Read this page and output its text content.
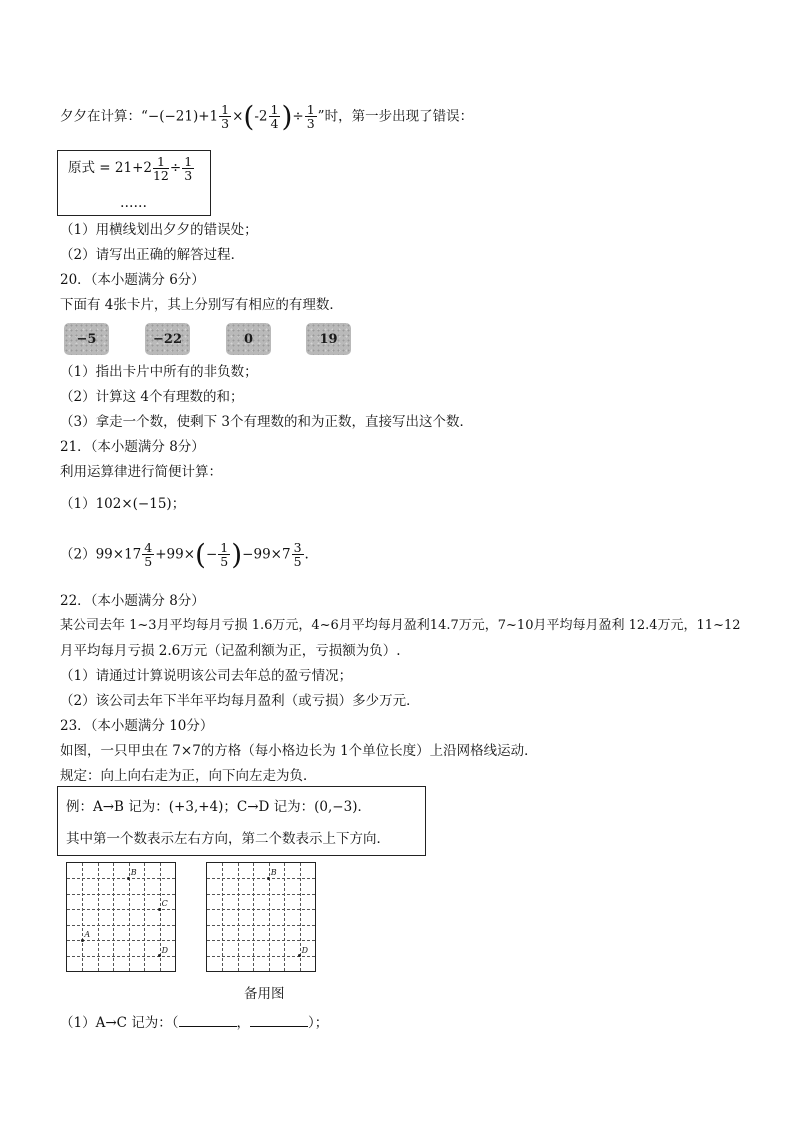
夕夕在计算：“$-(-21)+1 \frac{1}{3} \times(-2 \frac{1}{4}$ )÷ $\frac{1}{3}$ ”时，第一步出现了错误：
原式 = $21+2 \frac{1}{12} \div \frac{1}{3}$
……
（1）用横线划出夕夕的错误处；
（2）请写出正确的解答过程．
20．（本小题满分 6分）
下面有 4张卡片，其上分别写有相应的有理数．
−5	−22	0	19
（1）指出卡片中所有的非负数；
（2）计算这 4个有理数的和；
（3）拿走一个数，使剩下 3个有理数的和为正数，直接写出这个数．
21．（本小题满分 8分）
利用运算律进行简便计算：
（1）102×(−15)；
$(2)99\times 17 \frac{4}{5} +99\times(- \frac{1}{5} )-99\times 7 \frac{3}{5}$ .
22．（本小题满分 8分）
某公司去年 1~3月平均每月亏损 1.6万元，4~6月平均每月盈利14.7万元，7~10月平均每月盈利 12.4万元，11~12
月平均每月亏损 2.6万元（记盈利额为正，亏损额为负）.
（1）请通过计算说明该公司去年总的盈亏情况；
（2）该公司去年下半年平均每月盈利（或亏损）多少万元．
23．（本小题满分 10分）
如图，一只甲虫在 7×7的方格（每小格边长为 1个单位长度）上沿网格线运动．
规定：向上向右走为正，向下向左走为负．
例：A→B 记为：(+3,+4)；C→D 记为：(0,−3)．
其中第一个数表示左右方向，第二个数表示上下方向．
A
B
C
D
B
D
备用图
（1）A→C 记为：（	，	）；
